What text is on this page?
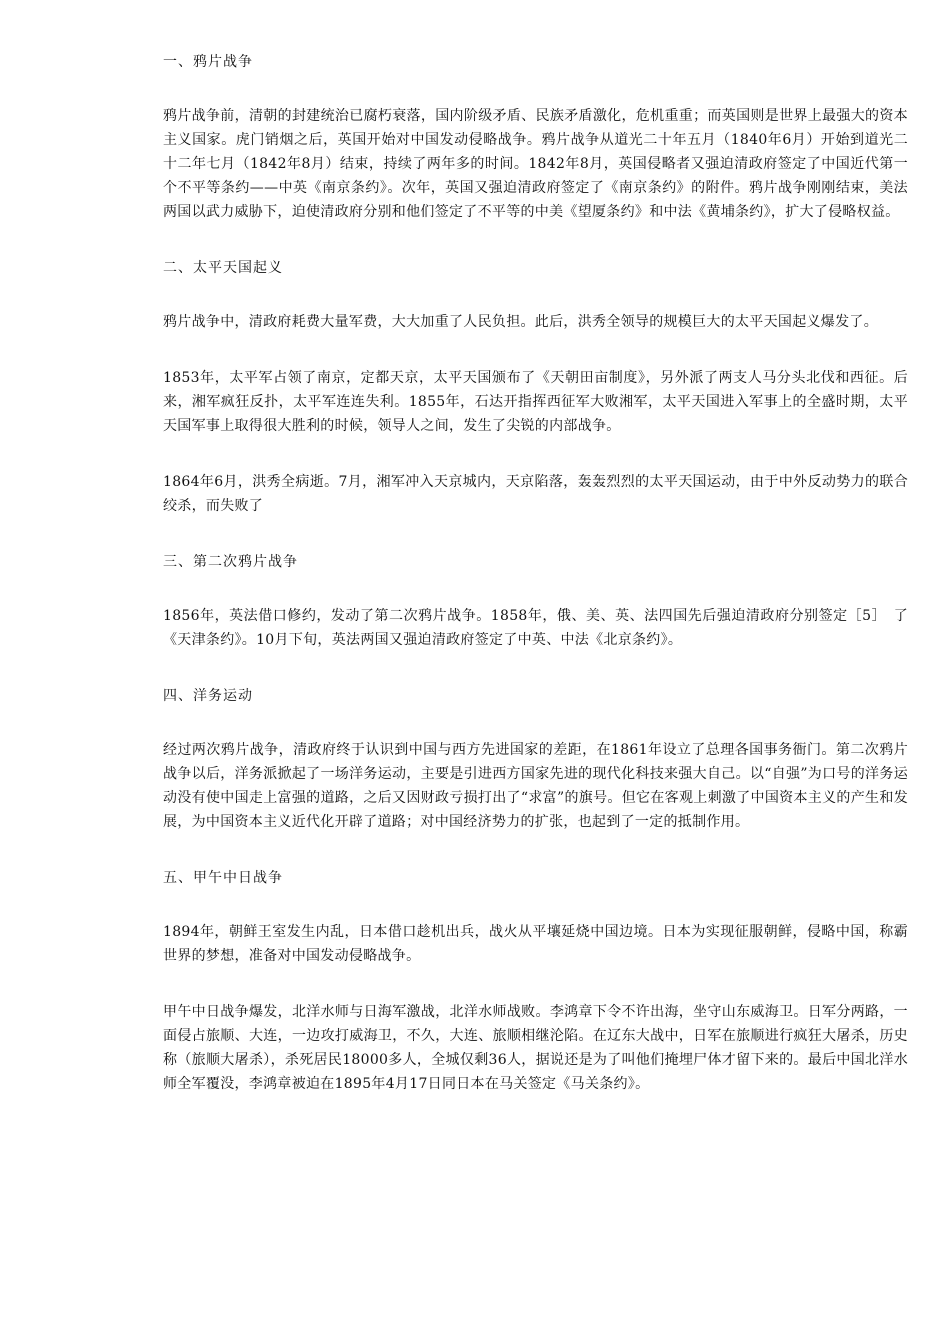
一、鸦片战争

鸦片战争前，清朝的封建统治已腐朽衰落，国内阶级矛盾、民族矛盾激化，危机重重；而英国则是世界上最强大的资本主义国家。虎门销烟之后，英国开始对中国发动侵略战争。鸦片战争从道光二十年五月（1840年6月）开始到道光二十二年七月（1842年8月）结束，持续了两年多的时间。1842年8月，英国侵略者又强迫清政府签定了中国近代第一个不平等条约——中英《南京条约》。次年，英国又强迫清政府签定了《南京条约》的附件。鸦片战争刚刚结束，美法两国以武力威胁下，迫使清政府分别和他们签定了不平等的中美《望厦条约》和中法《黄埔条约》，扩大了侵略权益。

二、太平天国起义

鸦片战争中，清政府耗费大量军费，大大加重了人民负担。此后，洪秀全领导的规模巨大的太平天国起义爆发了。

1853年，太平军占领了南京，定都天京，太平天国颁布了《天朝田亩制度》，另外派了两支人马分头北伐和西征。后来，湘军疯狂反扑，太平军连连失利。1855年，石达开指挥西征军大败湘军，太平天国进入军事上的全盛时期，太平天国军事上取得很大胜利的时候，领导人之间，发生了尖锐的内部战争。

1864年6月，洪秀全病逝。7月，湘军冲入天京城内，天京陷落，轰轰烈烈的太平天国运动，由于中外反动势力的联合绞杀，而失败了

三、第二次鸦片战争

1856年，英法借口修约，发动了第二次鸦片战争。1858年，俄、美、英、法四国先后强迫清政府分别签定［5］　了《天津条约》。10月下旬，英法两国又强迫清政府签定了中英、中法《北京条约》。

四、洋务运动

经过两次鸦片战争，清政府终于认识到中国与西方先进国家的差距，在1861年设立了总理各国事务衙门。第二次鸦片战争以后，洋务派掀起了一场洋务运动，主要是引进西方国家先进的现代化科技来强大自己。以“自强”为口号的洋务运动没有使中国走上富强的道路，之后又因财政亏损打出了“求富”的旗号。但它在客观上刺激了中国资本主义的产生和发展，为中国资本主义近代化开辟了道路；对中国经济势力的扩张，也起到了一定的抵制作用。

五、甲午中日战争

1894年，朝鲜王室发生内乱，日本借口趁机出兵，战火从平壤延烧中国边境。日本为实现征服朝鲜，侵略中国，称霸世界的梦想，准备对中国发动侵略战争。

甲午中日战争爆发，北洋水师与日海军激战，北洋水师战败。李鸿章下令不许出海，坐守山东威海卫。日军分两路，一面侵占旅顺、大连，一边攻打威海卫，不久，大连、旅顺相继沦陷。在辽东大战中，日军在旅顺进行疯狂大屠杀，历史称（旅顺大屠杀），杀死居民18000多人，全城仅剩36人，据说还是为了叫他们掩埋尸体才留下来的。最后中国北洋水师全军覆没，李鸿章被迫在1895年4月17日同日本在马关签定《马关条约》。
